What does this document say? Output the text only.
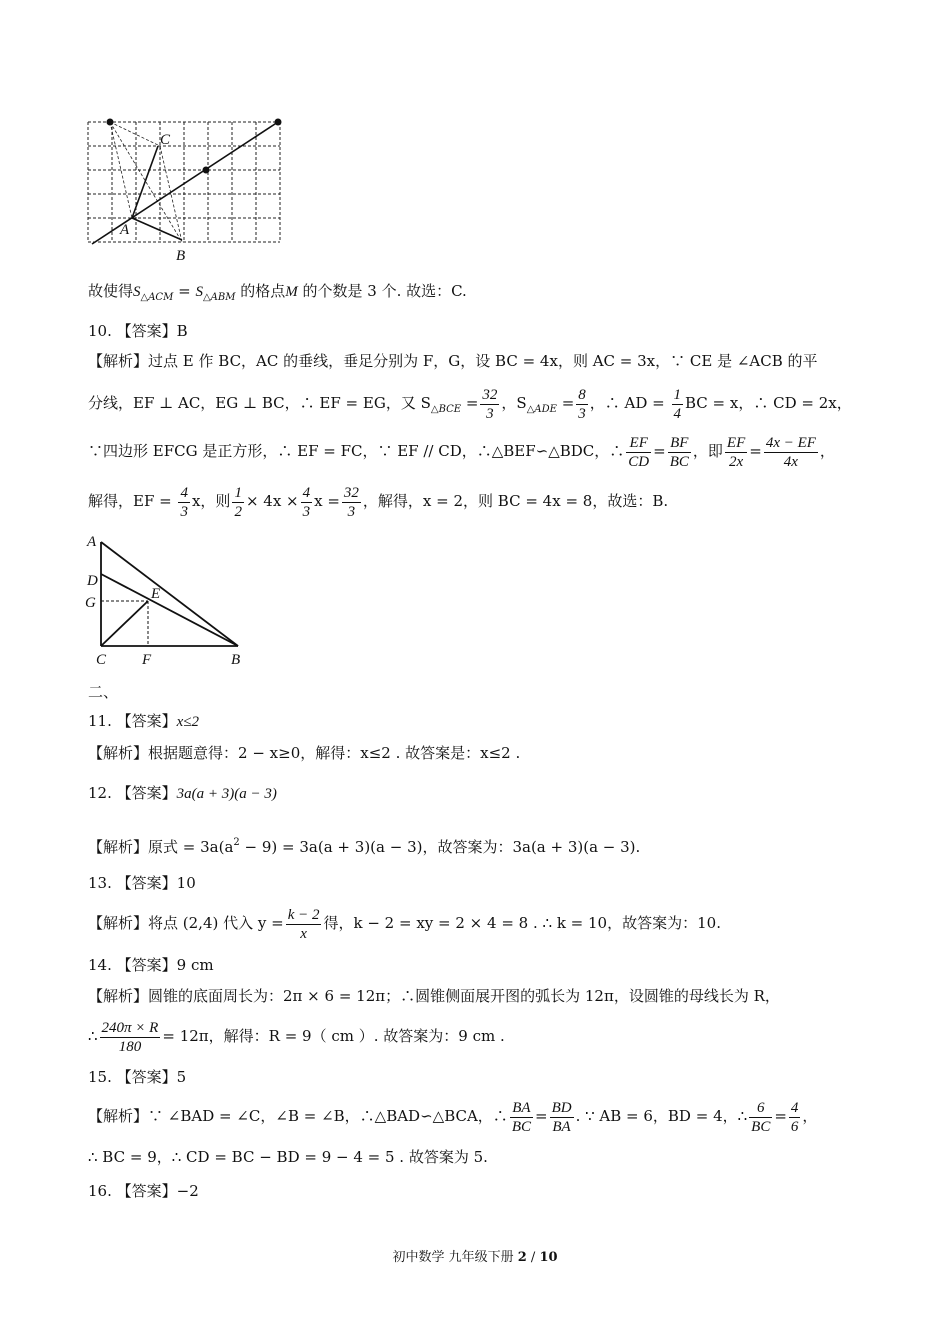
C
A
B
故使得$S_{\triangle ACM} = S_{\triangle ABM}$ 的格点M 的个数是 3 个. 故选：C.
10. 【答案】B
【解析】过点 E 作 BC，AC 的垂线，垂足分别为 F，G，设 BC = 4x，则 AC = 3x，∵ CE 是 ∠ACB 的平
分线，EF ⊥ AC，EG ⊥ BC，∴ EF = EG，又 $S_{\triangle BCE} = \frac{32}{3}$ ，$S_{\triangle ADE} = \frac{8}{3}$ ，∴ AD = $\frac{1}{4}$ BC = x，∴ CD = 2x，
∵四边形 EFCG 是正方形，∴ EF = FC，∵ EF // CD，∴△BEF∽△BDC，∴ $\frac{EF}{CD} = \frac{BF}{BC}$ ，即 $\frac{EF}{2x} = \frac{4x - EF}{4x}$ ，
解得，EF = $\frac{4}{3}$ x，则 $\frac{1}{2} \times 4x \times \frac{4}{3}$ $x = \frac{32}{3}$ ，解得，x = 2，则 BC = 4x = 8，故选：B.
A
D
G
E
C F	B
二、
11. 【答案】x≤2
【解析】根据题意得：2 − x≥0，解得：x≤2 . 故答案是：x≤2 .
12. 【答案】3a(a + 3)(a − 3)
【解析】原式 = $3a(a^2 - 9) = 3a(a + 3)(a - 3)$，故答案为：3a(a + 3)(a − 3).
13. 【答案】10
【解析】将点 (2,4) 代入 $y = \frac{k - 2}{x}$ 得，k − 2 = xy = 2 × 4 = 8 . ∴ k = 10，故答案为：10.
14. 【答案】9 cm
【解析】圆锥的底面周长为：2π × 6 = 12π；∴圆锥侧面展开图的弧长为 12π，设圆锥的母线长为 R，
∴ $\frac{240\pi \times R}{180} = 12\pi$，解得：R = 9（ cm ）. 故答案为：9 cm .
15. 【答案】5
【解析】∵ ∠BAD = ∠C，∠B = ∠B，∴△BAD∽△BCA，∴ $\frac{BA}{BC} = \frac{BD}{BA}$ . ∵ AB = 6，BD = 4，∴ $\frac{6}{BC} = \frac{4}{6}$ ，
∴ BC = 9，∴ CD = BC − BD = 9 − 4 = 5 . 故答案为 5.
16. 【答案】−2
初中数学 九年级下册 2 / 10
